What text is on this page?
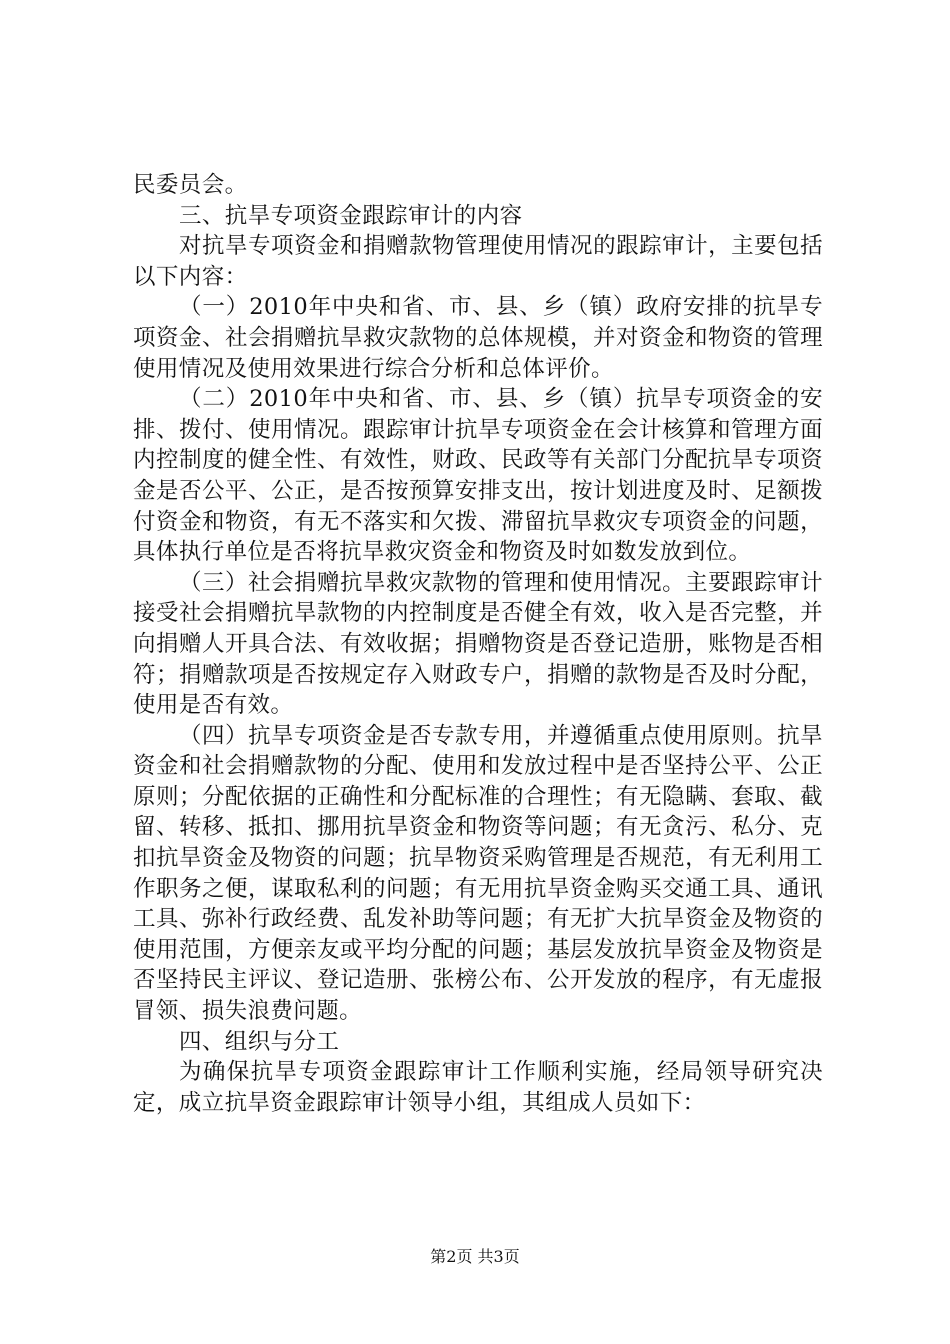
民委员会。

三、抗旱专项资金跟踪审计的内容

对抗旱专项资金和捐赠款物管理使用情况的跟踪审计，主要包括以下内容：

（一）2010年中央和省、市、县、乡（镇）政府安排的抗旱专项资金、社会捐赠抗旱救灾款物的总体规模，并对资金和物资的管理使用情况及使用效果进行综合分析和总体评价。

（二）2010年中央和省、市、县、乡（镇）抗旱专项资金的安排、拨付、使用情况。跟踪审计抗旱专项资金在会计核算和管理方面内控制度的健全性、有效性，财政、民政等有关部门分配抗旱专项资金是否公平、公正，是否按预算安排支出，按计划进度及时、足额拨付资金和物资，有无不落实和欠拨、滞留抗旱救灾专项资金的问题，具体执行单位是否将抗旱救灾资金和物资及时如数发放到位。

（三）社会捐赠抗旱救灾款物的管理和使用情况。主要跟踪审计接受社会捐赠抗旱款物的内控制度是否健全有效，收入是否完整，并向捐赠人开具合法、有效收据；捐赠物资是否登记造册，账物是否相符；捐赠款项是否按规定存入财政专户，捐赠的款物是否及时分配，使用是否有效。

（四）抗旱专项资金是否专款专用，并遵循重点使用原则。抗旱资金和社会捐赠款物的分配、使用和发放过程中是否坚持公平、公正原则；分配依据的正确性和分配标准的合理性；有无隐瞒、套取、截留、转移、抵扣、挪用抗旱资金和物资等问题；有无贪污、私分、克扣抗旱资金及物资的问题；抗旱物资采购管理是否规范，有无利用工作职务之便，谋取私利的问题；有无用抗旱资金购买交通工具、通讯工具、弥补行政经费、乱发补助等问题；有无扩大抗旱资金及物资的使用范围，方便亲友或平均分配的问题；基层发放抗旱资金及物资是否坚持民主评议、登记造册、张榜公布、公开发放的程序，有无虚报冒领、损失浪费问题。

四、组织与分工

为确保抗旱专项资金跟踪审计工作顺利实施，经局领导研究决定，成立抗旱资金跟踪审计领导小组，其组成人员如下：

第2页 共3页
